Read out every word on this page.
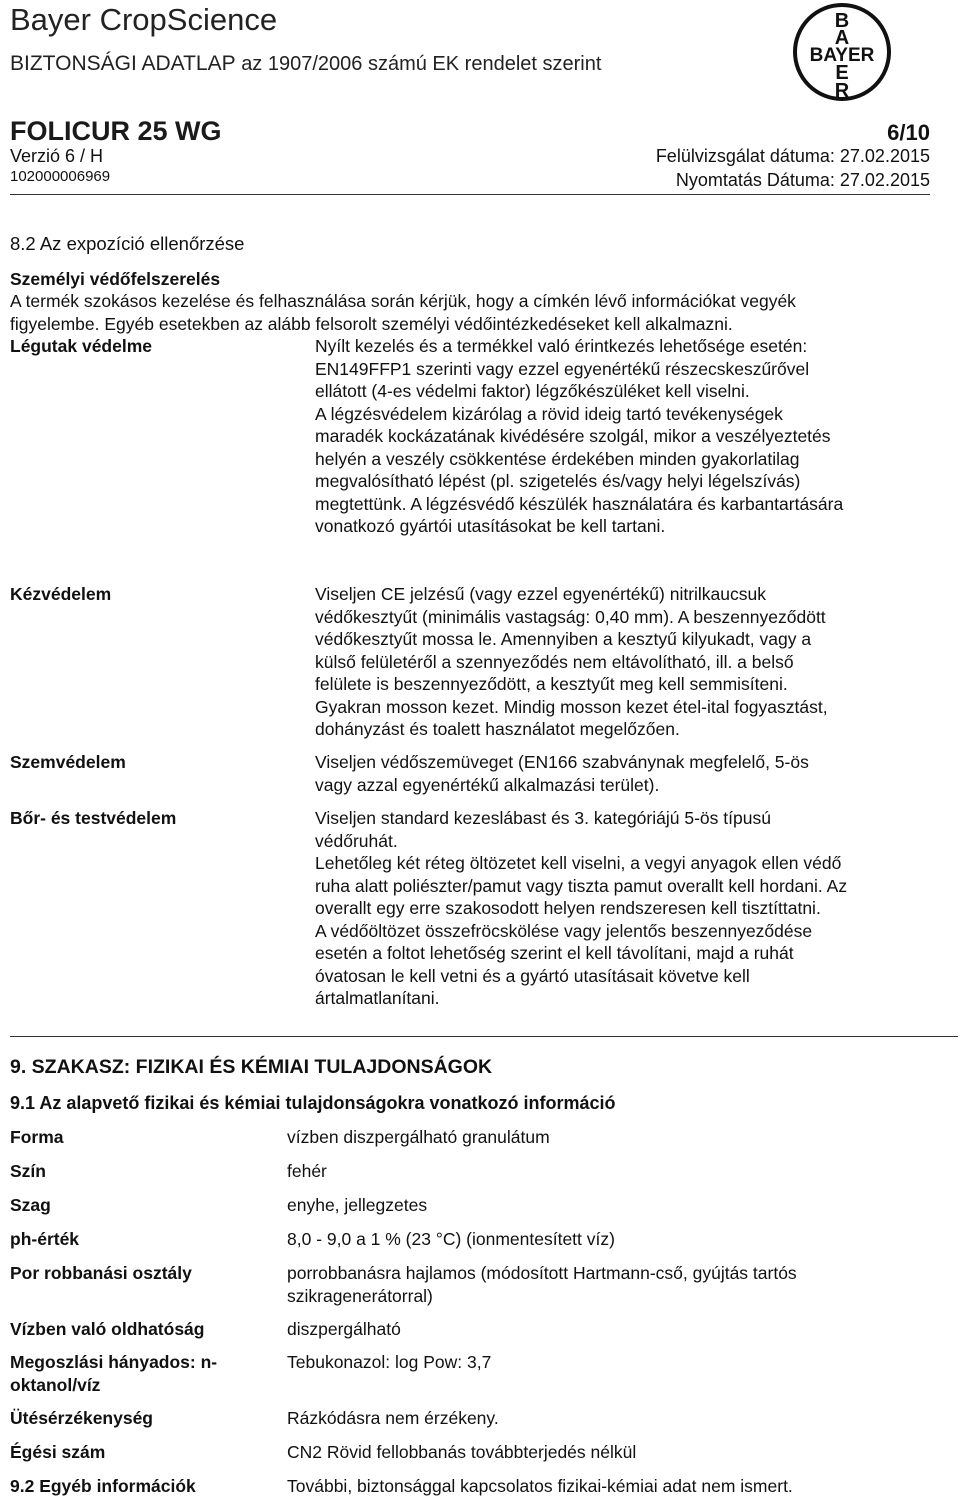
Bayer CropScience
BIZTONSÁGI ADATLAP az 1907/2006 számú EK rendelet szerint
B
A
BAYER
E
R
FOLICUR 25 WG	6/10
Verzió 6 / H	Felülvizsgálat dátuma: 27.02.2015
102000006969	Nyomtatás Dátuma: 27.02.2015
8.2 Az expozíció ellenőrzése
Személyi védőfelszerelés
A termék szokásos kezelése és felhasználása során kérjük, hogy a címkén lévő információkat vegyék
figyelembe. Egyéb esetekben az alább felsorolt személyi védőintézkedéseket kell alkalmazni.
Légutak védelme	Nyílt kezelés és a termékkel való érintkezés lehetősége esetén:
EN149FFP1 szerinti vagy ezzel egyenértékű részecskeszűrővel
ellátott (4-es védelmi faktor) légzőkészüléket kell viselni.
A légzésvédelem kizárólag a rövid ideig tartó tevékenységek
maradék kockázatának kivédésére szolgál, mikor a veszélyeztetés
helyén a veszély csökkentése érdekében minden gyakorlatilag
megvalósítható lépést (pl. szigetelés és/vagy helyi légelszívás)
megtettünk. A légzésvédő készülék használatára és karbantartására
vonatkozó gyártói utasításokat be kell tartani.
Kézvédelem	Viseljen CE jelzésű (vagy ezzel egyenértékű) nitrilkaucsuk
védőkesztyűt (minimális vastagság: 0,40 mm). A beszennyeződött
védőkesztyűt mossa le. Amennyiben a kesztyű kilyukadt, vagy a
külső felületéről a szennyeződés nem eltávolítható, ill. a belső
felülete is beszennyeződött, a kesztyűt meg kell semmisíteni.
Gyakran mosson kezet. Mindig mosson kezet étel-ital fogyasztást,
dohányzást és toalett használatot megelőzően.
Szemvédelem	Viseljen védőszemüveget (EN166 szabványnak megfelelő, 5-ös
vagy azzal egyenértékű alkalmazási terület).
Bőr- és testvédelem	Viseljen standard kezeslábast és 3. kategóriájú 5-ös típusú
védőruhát.
Lehetőleg két réteg öltözetet kell viselni, a vegyi anyagok ellen védő
ruha alatt poliészter/pamut vagy tiszta pamut overallt kell hordani. Az
overallt egy erre szakosodott helyen rendszeresen kell tisztíttatni.
A védőöltözet összefröcskölése vagy jelentős beszennyeződése
esetén a foltot lehetőség szerint el kell távolítani, majd a ruhát
óvatosan le kell vetni és a gyártó utasításait követve kell
ártalmatlanítani.
9. SZAKASZ: FIZIKAI ÉS KÉMIAI TULAJDONSÁGOK
9.1 Az alapvető fizikai és kémiai tulajdonságokra vonatkozó információ
Forma	vízben diszpergálható granulátum
Szín	fehér
Szag	enyhe, jellegzetes
ph-érték	8,0 - 9,0 a 1 % (23 °C) (ionmentesített víz)
Por robbanási osztály	porrobbanásra hajlamos (módosított Hartmann-cső, gyújtás tartós
szikragenerátorral)
Vízben való oldhatóság	diszpergálható
Megoszlási hányados: n-
oktanol/víz
Tebukonazol: log Pow: 3,7
Ütésérzékenység	Rázkódásra nem érzékeny.
Égési szám	CN2 Rövid fellobbanás továbbterjedés nélkül
9.2 Egyéb információk	További, biztonsággal kapcsolatos fizikai-kémiai adat nem ismert.
